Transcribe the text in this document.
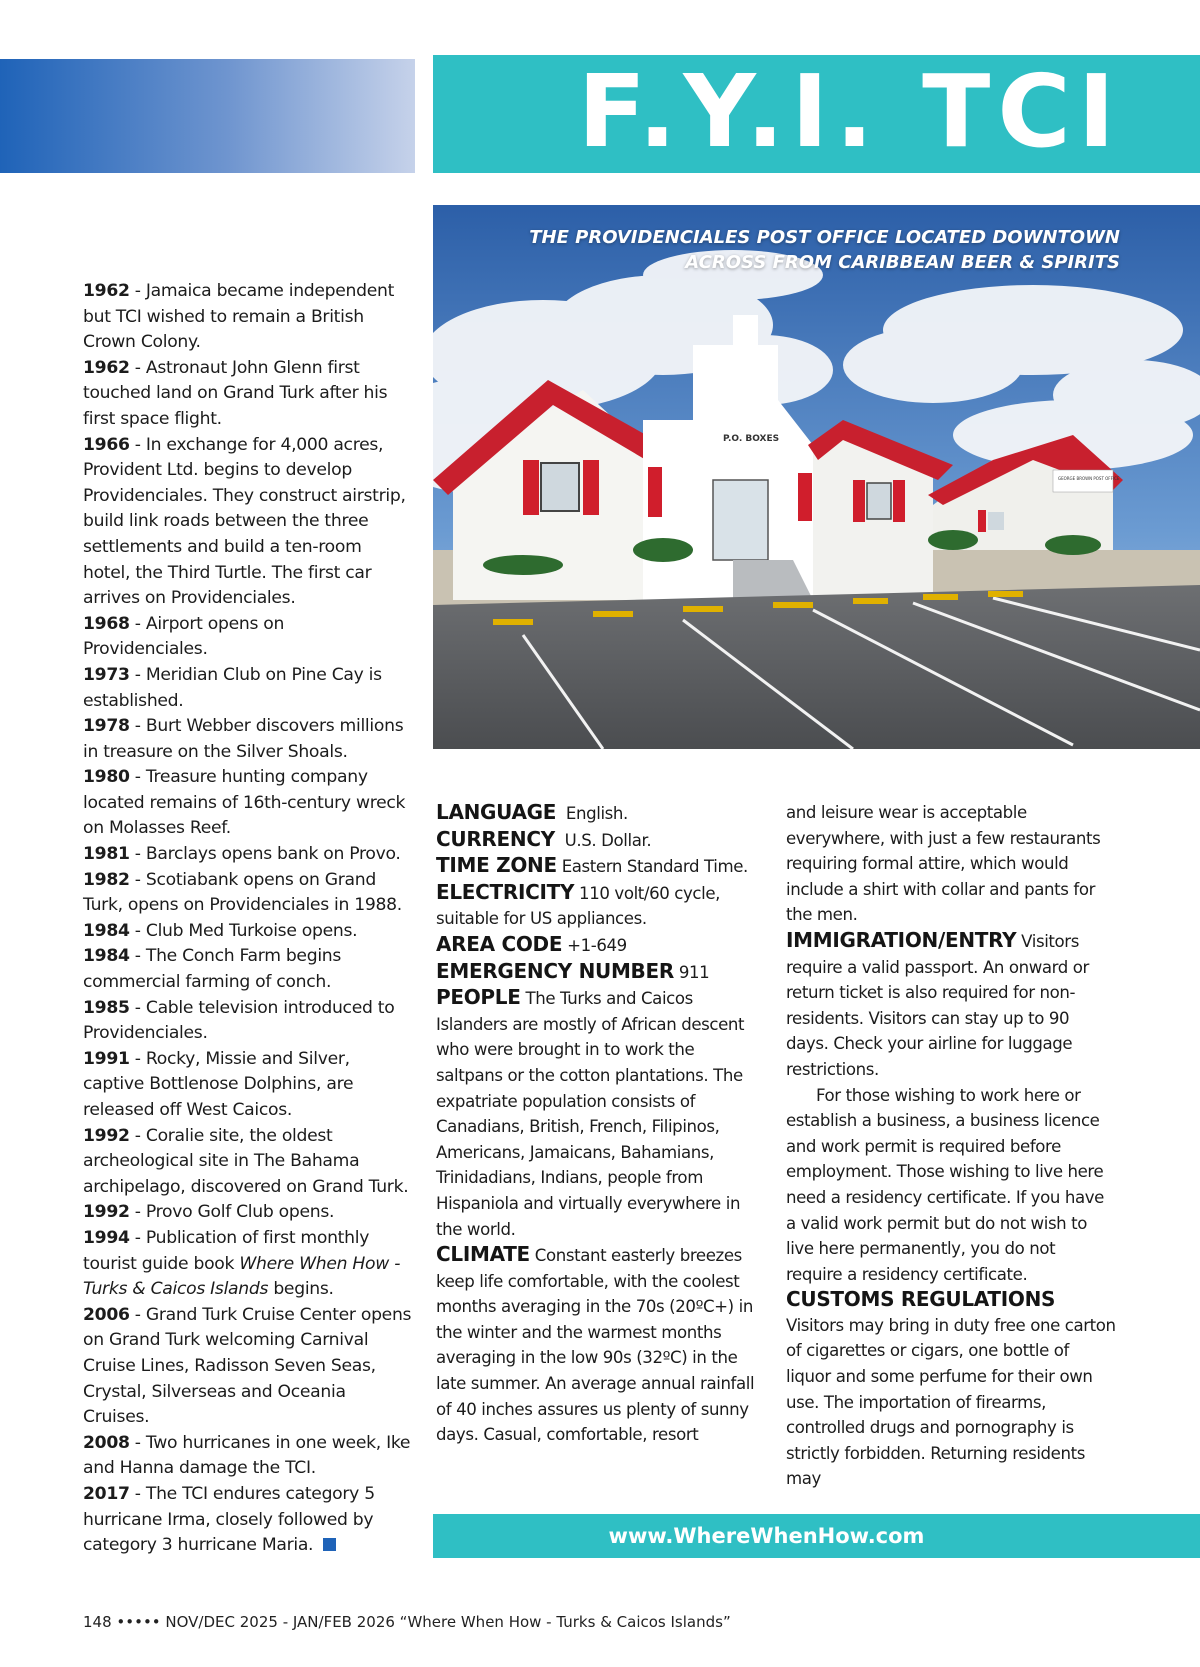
F.Y.I. TCI
P.O. BOXES
GEORGE BROWN POST OFFICE
THE PROVIDENCIALES POST OFFICE LOCATED DOWNTOWN
ACROSS FROM CARIBBEAN BEER & SPIRITS

1962 - Jamaica became independent but TCI wished to remain a British Crown Colony.

1962 - Astronaut John Glenn first touched land on Grand Turk after his first space flight.

1966 - In exchange for 4,000 acres, Provident Ltd. begins to develop Providenciales. They construct airstrip, build link roads between the three settlements and build a ten-room hotel, the Third Turtle. The first car arrives on Providenciales.

1968 - Airport opens on Providenciales.

1973 - Meridian Club on Pine Cay is established.

1978 - Burt Webber discovers millions in treasure on the Silver Shoals.

1980 - Treasure hunting company located remains of 16th-century wreck on Molasses Reef.

1981 - Barclays opens bank on Provo.

1982 - Scotiabank opens on Grand Turk, opens on Providenciales in 1988.

1984 - Club Med Turkoise opens.

1984 - The Conch Farm begins commercial farming of conch.

1985 - Cable television introduced to Providenciales.

1991 - Rocky, Missie and Silver, captive Bottlenose Dolphins, are released off West Caicos.

1992 - Coralie site, the oldest archeological site in The Bahama archipelago, discovered on Grand Turk.

1992 - Provo Golf Club opens.

1994 - Publication of first monthly tourist guide book Where When How - Turks & Caicos Islands begins.

2006 - Grand Turk Cruise Center opens on Grand Turk welcoming Carnival Cruise Lines, Radisson Seven Seas, Crystal, Silverseas and Oceania Cruises.

2008 - Two hurricanes in one week, Ike and Hanna damage the TCI.

2017 - The TCI endures category 5 hurricane Irma, closely followed by category 3 hurricane Maria.

LANGUAGE  English.

CURRENCY  U.S. Dollar.

TIME ZONE Eastern Standard Time.

ELECTRICITY 110 volt/60 cycle, suitable for US appliances.

AREA CODE +1-649

EMERGENCY NUMBER 911

PEOPLE The Turks and Caicos Islanders are mostly of African descent who were brought in to work the saltpans or the cotton plantations. The expatriate population consists of Canadians, British, French, Filipinos, Americans, Jamaicans, Bahamians, Trinidadians, Indians, people from Hispaniola and virtually everywhere in the world.

CLIMATE Constant easterly breezes keep life comfortable, with the coolest months averaging in the 70s (20ºC+) in the winter and the warmest months averaging in the low 90s (32ºC) in the late summer. An average annual rainfall of 40 inches assures us plenty of sunny days. Casual, comfortable, resort

and leisure wear is acceptable everywhere, with just a few restaurants requiring formal attire, which would include a shirt with collar and pants for the men.

IMMIGRATION/ENTRY Visitors require a valid passport. An onward or return ticket is also required for non-residents. Visitors can stay up to 90 days. Check your airline for luggage restrictions.

For those wishing to work here or establish a business, a business licence and work permit is required before employment. Those wishing to live here need a residency certificate. If you have a valid work permit but do not wish to live here permanently, you do not require a residency certificate.

CUSTOMS REGULATIONS

Visitors may bring in duty free one carton of cigarettes or cigars, one bottle of liquor and some perfume for their own use. The importation of firearms, controlled drugs and pornography is strictly forbidden. Returning residents may

www.WhereWhenHow.com
148 ••••• NOV/DEC 2025 - JAN/FEB 2026 “Where When How - Turks & Caicos Islands”
